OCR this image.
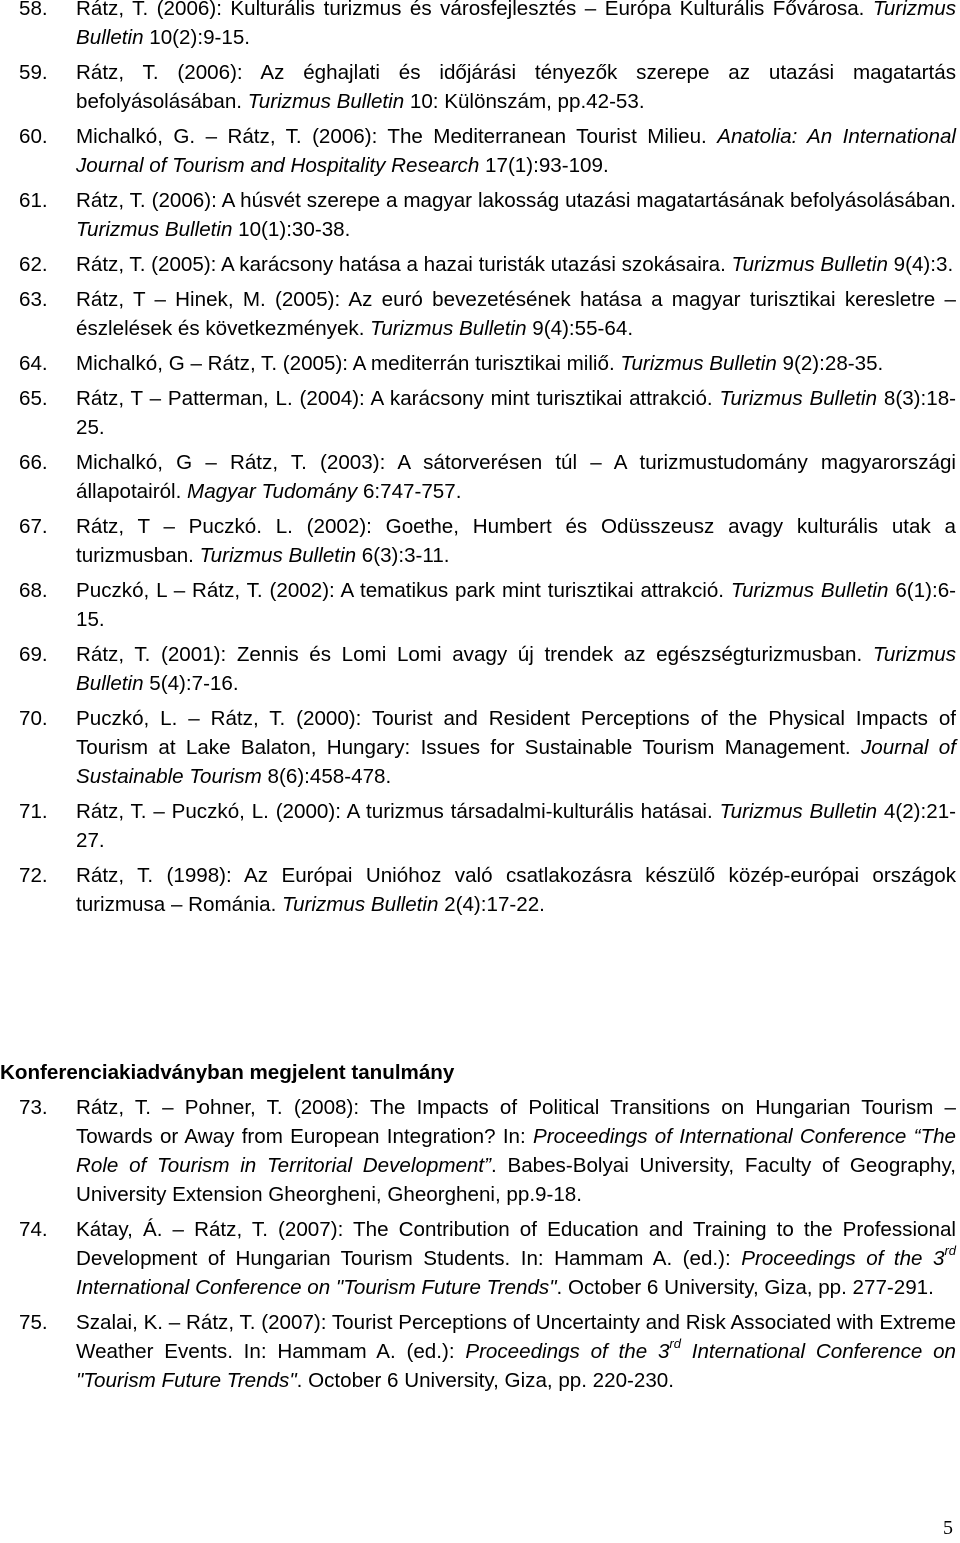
58.	Rátz, T. (2006): Kulturális turizmus és városfejlesztés – Európa Kulturális Fővárosa. Turizmus Bulletin 10(2):9-15.
59.	Rátz, T. (2006): Az éghajlati és időjárási tényezők szerepe az utazási magatartás befolyásolásában. Turizmus Bulletin 10: Különszám, pp.42-53.
60.	Michalkó, G. – Rátz, T. (2006): The Mediterranean Tourist Milieu. Anatolia: An International Journal of Tourism and Hospitality Research 17(1):93-109.
61.	Rátz, T. (2006): A húsvét szerepe a magyar lakosság utazási magatartásának befolyásolásában. Turizmus Bulletin 10(1):30-38.
62.	Rátz, T. (2005): A karácsony hatása a hazai turisták utazási szokásaira. Turizmus Bulletin 9(4):3.
63.	Rátz, T – Hinek, M. (2005): Az euró bevezetésének hatása a magyar turisztikai keresletre – észlelések és következmények. Turizmus Bulletin 9(4):55-64.
64.	Michalkó, G – Rátz, T. (2005): A mediterrán turisztikai miliő. Turizmus Bulletin 9(2):28-35.
65.	Rátz, T – Patterman, L. (2004): A karácsony mint turisztikai attrakció. Turizmus Bulletin 8(3):18-25.
66.	Michalkó, G – Rátz, T. (2003): A sátorverésen túl – A turizmustudomány magyarországi állapotairól. Magyar Tudomány 6:747-757.
67.	Rátz, T – Puczkó. L. (2002): Goethe, Humbert és Odüsszeusz avagy kulturális utak a turizmusban. Turizmus Bulletin 6(3):3-11.
68.	Puczkó, L – Rátz, T. (2002): A tematikus park mint turisztikai attrakció. Turizmus Bulletin 6(1):6-15.
69.	Rátz, T. (2001): Zennis és Lomi Lomi avagy új trendek az egészségturizmusban. Turizmus Bulletin 5(4):7-16.
70.	Puczkó, L. – Rátz, T. (2000): Tourist and Resident Perceptions of the Physical Impacts of Tourism at Lake Balaton, Hungary: Issues for Sustainable Tourism Management. Journal of Sustainable Tourism 8(6):458-478.
71.	Rátz, T. – Puczkó, L. (2000): A turizmus társadalmi-kulturális hatásai. Turizmus Bulletin 4(2):21-27.
72.	Rátz, T. (1998): Az Európai Unióhoz való csatlakozásra készülő közép-európai országok turizmusa – Románia. Turizmus Bulletin 2(4):17-22.
Konferenciakiadványban megjelent tanulmány
73.	Rátz, T. – Pohner, T. (2008): The Impacts of Political Transitions on Hungarian Tourism – Towards or Away from European Integration? In: Proceedings of International Conference “The Role of Tourism in Territorial Development”. Babes-Bolyai University, Faculty of Geography, University Extension Gheorgheni, Gheorgheni, pp.9-18.
74.	Kátay, Á. – Rátz, T. (2007): The Contribution of Education and Training to the Professional Development of Hungarian Tourism Students. In: Hammam A. (ed.): Proceedings of the 3rd International Conference on "Tourism Future Trends". October 6 University, Giza, pp. 277-291.
75.	Szalai, K. – Rátz, T. (2007): Tourist Perceptions of Uncertainty and Risk Associated with Extreme Weather Events. In: Hammam A. (ed.): Proceedings of the 3rd International Conference on "Tourism Future Trends". October 6 University, Giza, pp. 220-230.
5
